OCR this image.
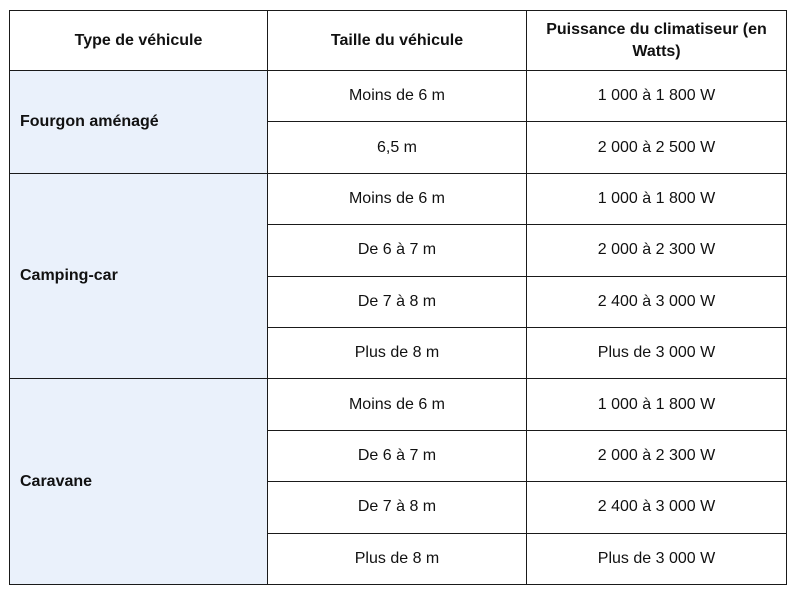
Type de véhicule	Taille du véhicule	Puissance du climatiseur (en Watts)
Fourgon aménagé	Moins de 6 m	1 000 à 1 800 W
	6,5 m	2 000 à 2 500 W
Camping-car	Moins de 6 m	1 000 à 1 800 W
	De 6 à 7 m	2 000 à 2 300 W
	De 7 à 8 m	2 400 à 3 000 W
	Plus de 8 m	Plus de 3 000 W
Caravane	Moins de 6 m	1 000 à 1 800 W
	De 6 à 7 m	2 000 à 2 300 W
	De 7 à 8 m	2 400 à 3 000 W
	Plus de 8 m	Plus de 3 000 W
